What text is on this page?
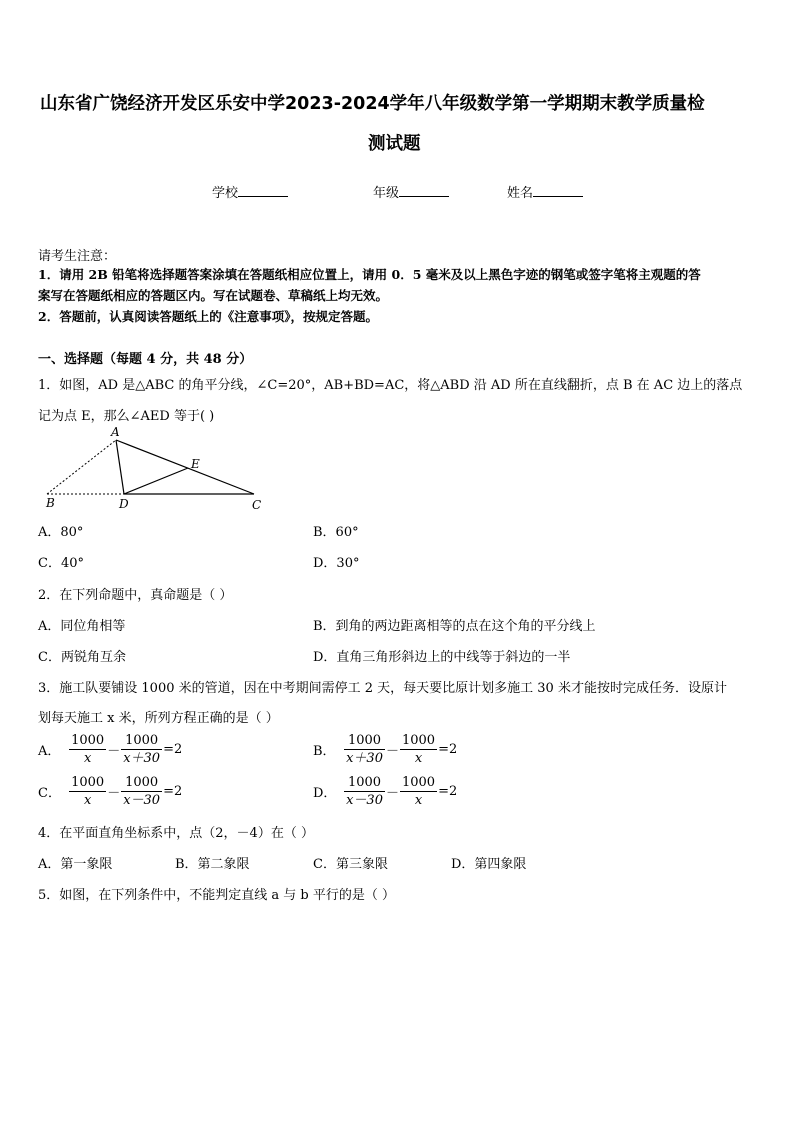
山东省广饶经济开发区乐安中学2023-2024学年八年级数学第一学期期末教学质量检
测试题
学校	年级	姓名
请考生注意：
1．请用 2B 铅笔将选择题答案涂填在答题纸相应位置上，请用 0．5 毫米及以上黑色字迹的钢笔或签字笔将主观题的答
案写在答题纸相应的答题区内。写在试题卷、草稿纸上均无效。
2．答题前，认真阅读答题纸上的《注意事项》，按规定答题。
一、选择题（每题 4 分，共 48 分）
1．如图，AD 是△ABC 的角平分线，∠C=20°，AB+BD=AC，将△ABD 沿 AD 所在直线翻折，点 B 在 AC 边上的落点
记为点 E，那么∠AED 等于( )
A
B	C
D
E
A．80°	B．60°
C．40°	D．30°
2．在下列命题中，真命题是（ ）
A．同位角相等	B．到角的两边距离相等的点在这个角的平分线上
C．两锐角互余	D．直角三角形斜边上的中线等于斜边的一半
3．施工队要铺设 1000 米的管道，因在中考期间需停工 2 天，每天要比原计划多施工 30 米才能按时完成任务．设原计
划每天施工 x 米，所列方程正确的是（ ）
A． $\frac{1000}{x} - \frac{1000}{x+30} =2$	B． $\frac{1000}{x+30} - \frac{1000}{x} =2$
C． $\frac{1000}{x} - \frac{1000}{x-30} =2$	D． $\frac{1000}{x-30} - \frac{1000}{x} =2$
4．在平面直角坐标系中，点（2，－4）在（ ）
A．第一象限	B．第二象限	C．第三象限	D．第四象限
5．如图，在下列条件中，不能判定直线 a 与 b 平行的是（ ）
